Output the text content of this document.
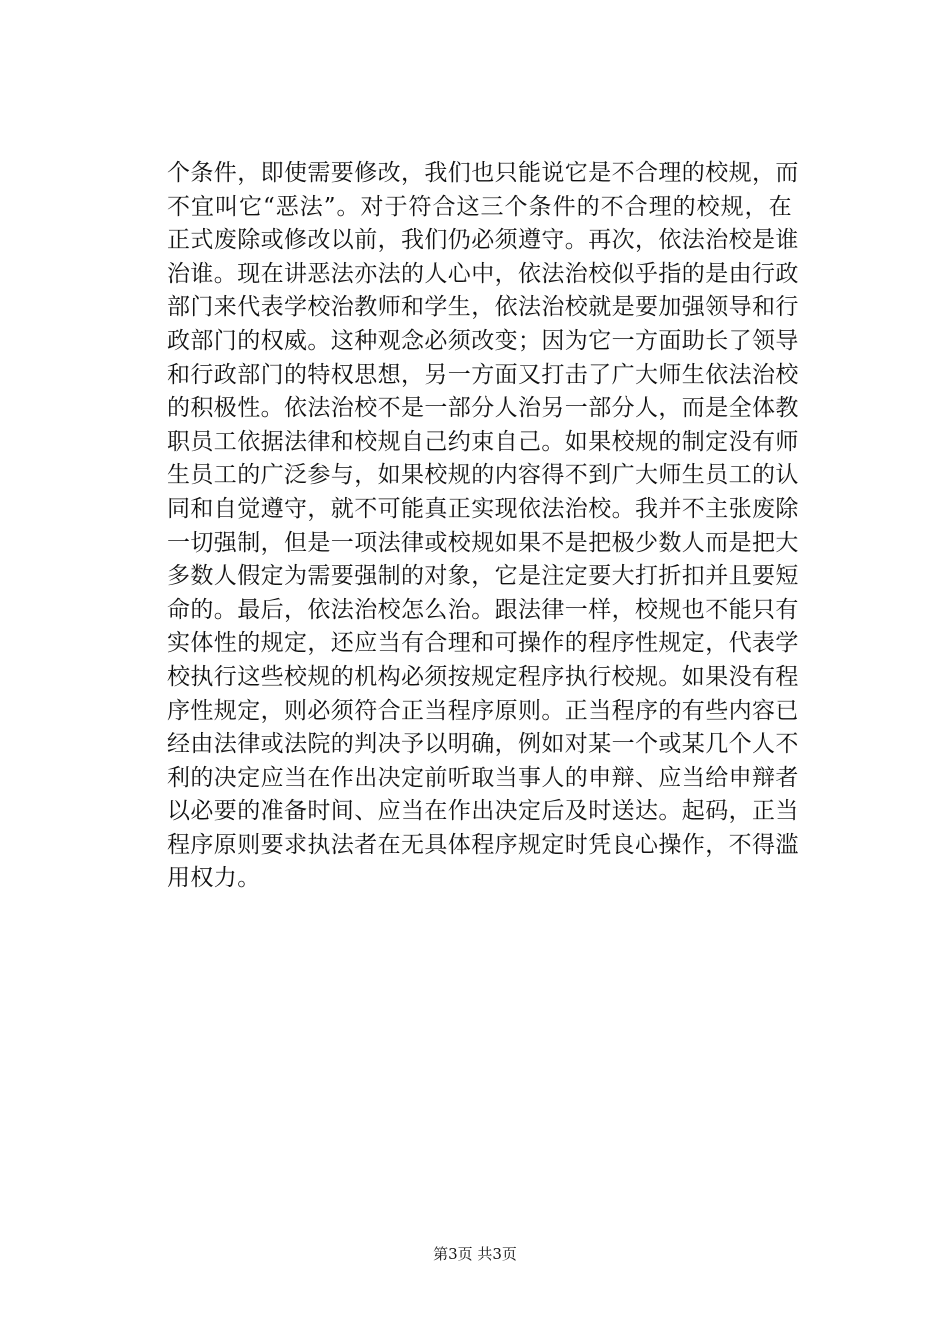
个条件，即使需要修改，我们也只能说它是不合理的校规，而
不宜叫它“恶法”。对于符合这三个条件的不合理的校规，在
正式废除或修改以前，我们仍必须遵守。再次，依法治校是谁
治谁。现在讲恶法亦法的人心中，依法治校似乎指的是由行政
部门来代表学校治教师和学生，依法治校就是要加强领导和行
政部门的权威。这种观念必须改变；因为它一方面助长了领导
和行政部门的特权思想，另一方面又打击了广大师生依法治校
的积极性。依法治校不是一部分人治另一部分人，而是全体教
职员工依据法律和校规自己约束自己。如果校规的制定没有师
生员工的广泛参与，如果校规的内容得不到广大师生员工的认
同和自觉遵守，就不可能真正实现依法治校。我并不主张废除
一切强制，但是一项法律或校规如果不是把极少数人而是把大
多数人假定为需要强制的对象，它是注定要大打折扣并且要短
命的。最后，依法治校怎么治。跟法律一样，校规也不能只有
实体性的规定，还应当有合理和可操作的程序性规定，代表学
校执行这些校规的机构必须按规定程序执行校规。如果没有程
序性规定，则必须符合正当程序原则。正当程序的有些内容已
经由法律或法院的判决予以明确，例如对某一个或某几个人不
利的决定应当在作出决定前听取当事人的申辩、应当给申辩者
以必要的准备时间、应当在作出决定后及时送达。起码，正当
程序原则要求执法者在无具体程序规定时凭良心操作，不得滥
用权力。
第3页 共3页
